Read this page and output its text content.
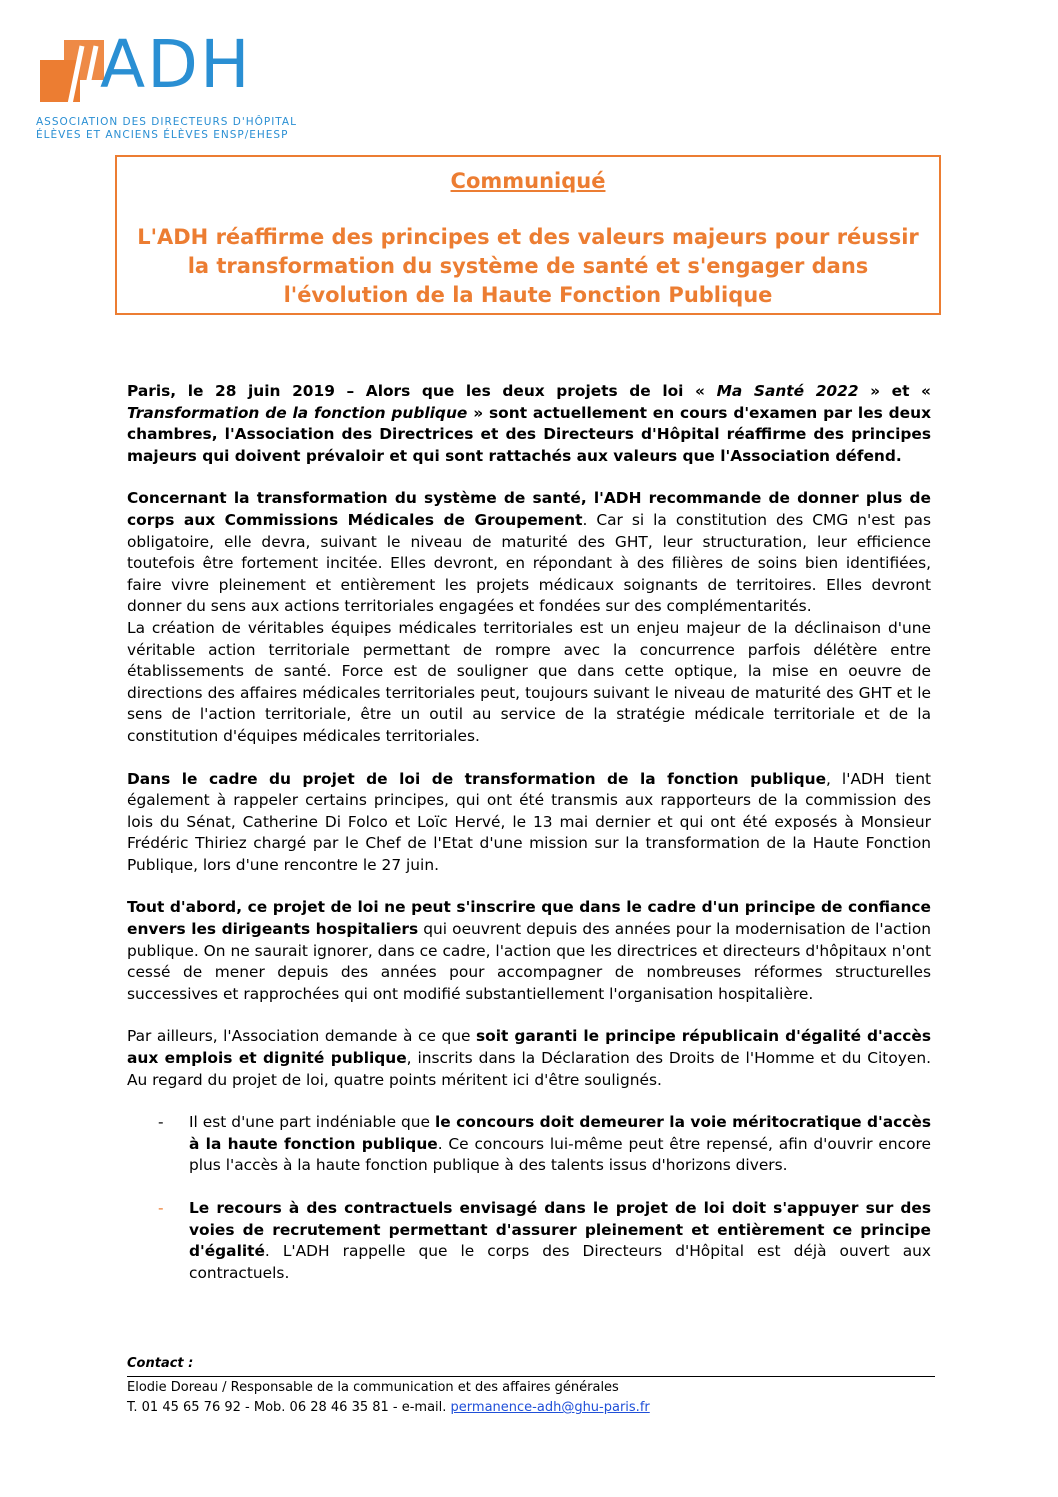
ADH
ASSOCIATION DES DIRECTEURS D'HÔPITAL
ÉLÈVES ET ANCIENS ÉLÈVES ENSP/EHESP
Communiqué
L'ADH réaffirme des principes et des valeurs majeurs pour réussir la transformation du système de santé et s'engager dans l'évolution de la Haute Fonction Publique

Paris, le 28 juin 2019 – Alors que les deux projets de loi « Ma Santé 2022 » et « Transformation de la fonction publique » sont actuellement en cours d'examen par les deux chambres, l'Association des Directrices et des Directeurs d'Hôpital réaffirme des principes majeurs qui doivent prévaloir et qui sont rattachés aux valeurs que l'Association défend.

Concernant la transformation du système de santé, l'ADH recommande de donner plus de corps aux Commissions Médicales de Groupement. Car si la constitution des CMG n'est pas obligatoire, elle devra, suivant le niveau de maturité des GHT, leur structuration, leur efficience toutefois être fortement incitée. Elles devront, en répondant à des filières de soins bien identifiées, faire vivre pleinement et entièrement les projets médicaux soignants de territoires. Elles devront donner du sens aux actions territoriales engagées et fondées sur des complémentarités.

La création de véritables équipes médicales territoriales est un enjeu majeur de la déclinaison d'une véritable action territoriale permettant de rompre avec la concurrence parfois délétère entre établissements de santé. Force est de souligner que dans cette optique, la mise en oeuvre de directions des affaires médicales territoriales peut, toujours suivant le niveau de maturité des GHT et le sens de l'action territoriale, être un outil au service de la stratégie médicale territoriale et de la constitution d'équipes médicales territoriales.

Dans le cadre du projet de loi de transformation de la fonction publique, l'ADH tient également à rappeler certains principes, qui ont été transmis aux rapporteurs de la commission des lois du Sénat, Catherine Di Folco et Loïc Hervé, le 13 mai dernier et qui ont été exposés à Monsieur Frédéric Thiriez chargé par le Chef de l'Etat d'une mission sur la transformation de la Haute Fonction Publique, lors d'une rencontre le 27 juin.

Tout d'abord, ce projet de loi ne peut s'inscrire que dans le cadre d'un principe de confiance envers les dirigeants hospitaliers qui oeuvrent depuis des années pour la modernisation de l'action publique. On ne saurait ignorer, dans ce cadre, l'action que les directrices et directeurs d'hôpitaux n'ont cessé de mener depuis des années pour accompagner de nombreuses réformes structurelles successives et rapprochées qui ont modifié substantiellement l'organisation hospitalière.

Par ailleurs, l'Association demande à ce que soit garanti le principe républicain d'égalité d'accès aux emplois et dignité publique, inscrits dans la Déclaration des Droits de l'Homme et du Citoyen. Au regard du projet de loi, quatre points méritent ici d'être soulignés.

- Il est d'une part indéniable que le concours doit demeurer la voie méritocratique d'accès à la haute fonction publique. Ce concours lui-même peut être repensé, afin d'ouvrir encore plus l'accès à la haute fonction publique à des talents issus d'horizons divers.
- Le recours à des contractuels envisagé dans le projet de loi doit s'appuyer sur des voies de recrutement permettant d'assurer pleinement et entièrement ce principe d'égalité. L'ADH rappelle que le corps des Directeurs d'Hôpital est déjà ouvert aux contractuels.
Contact :
Elodie Doreau / Responsable de la communication et des affaires générales
T. 01 45 65 76 92 - Mob. 06 28 46 35 81 - e-mail. permanence-adh@ghu-paris.fr
